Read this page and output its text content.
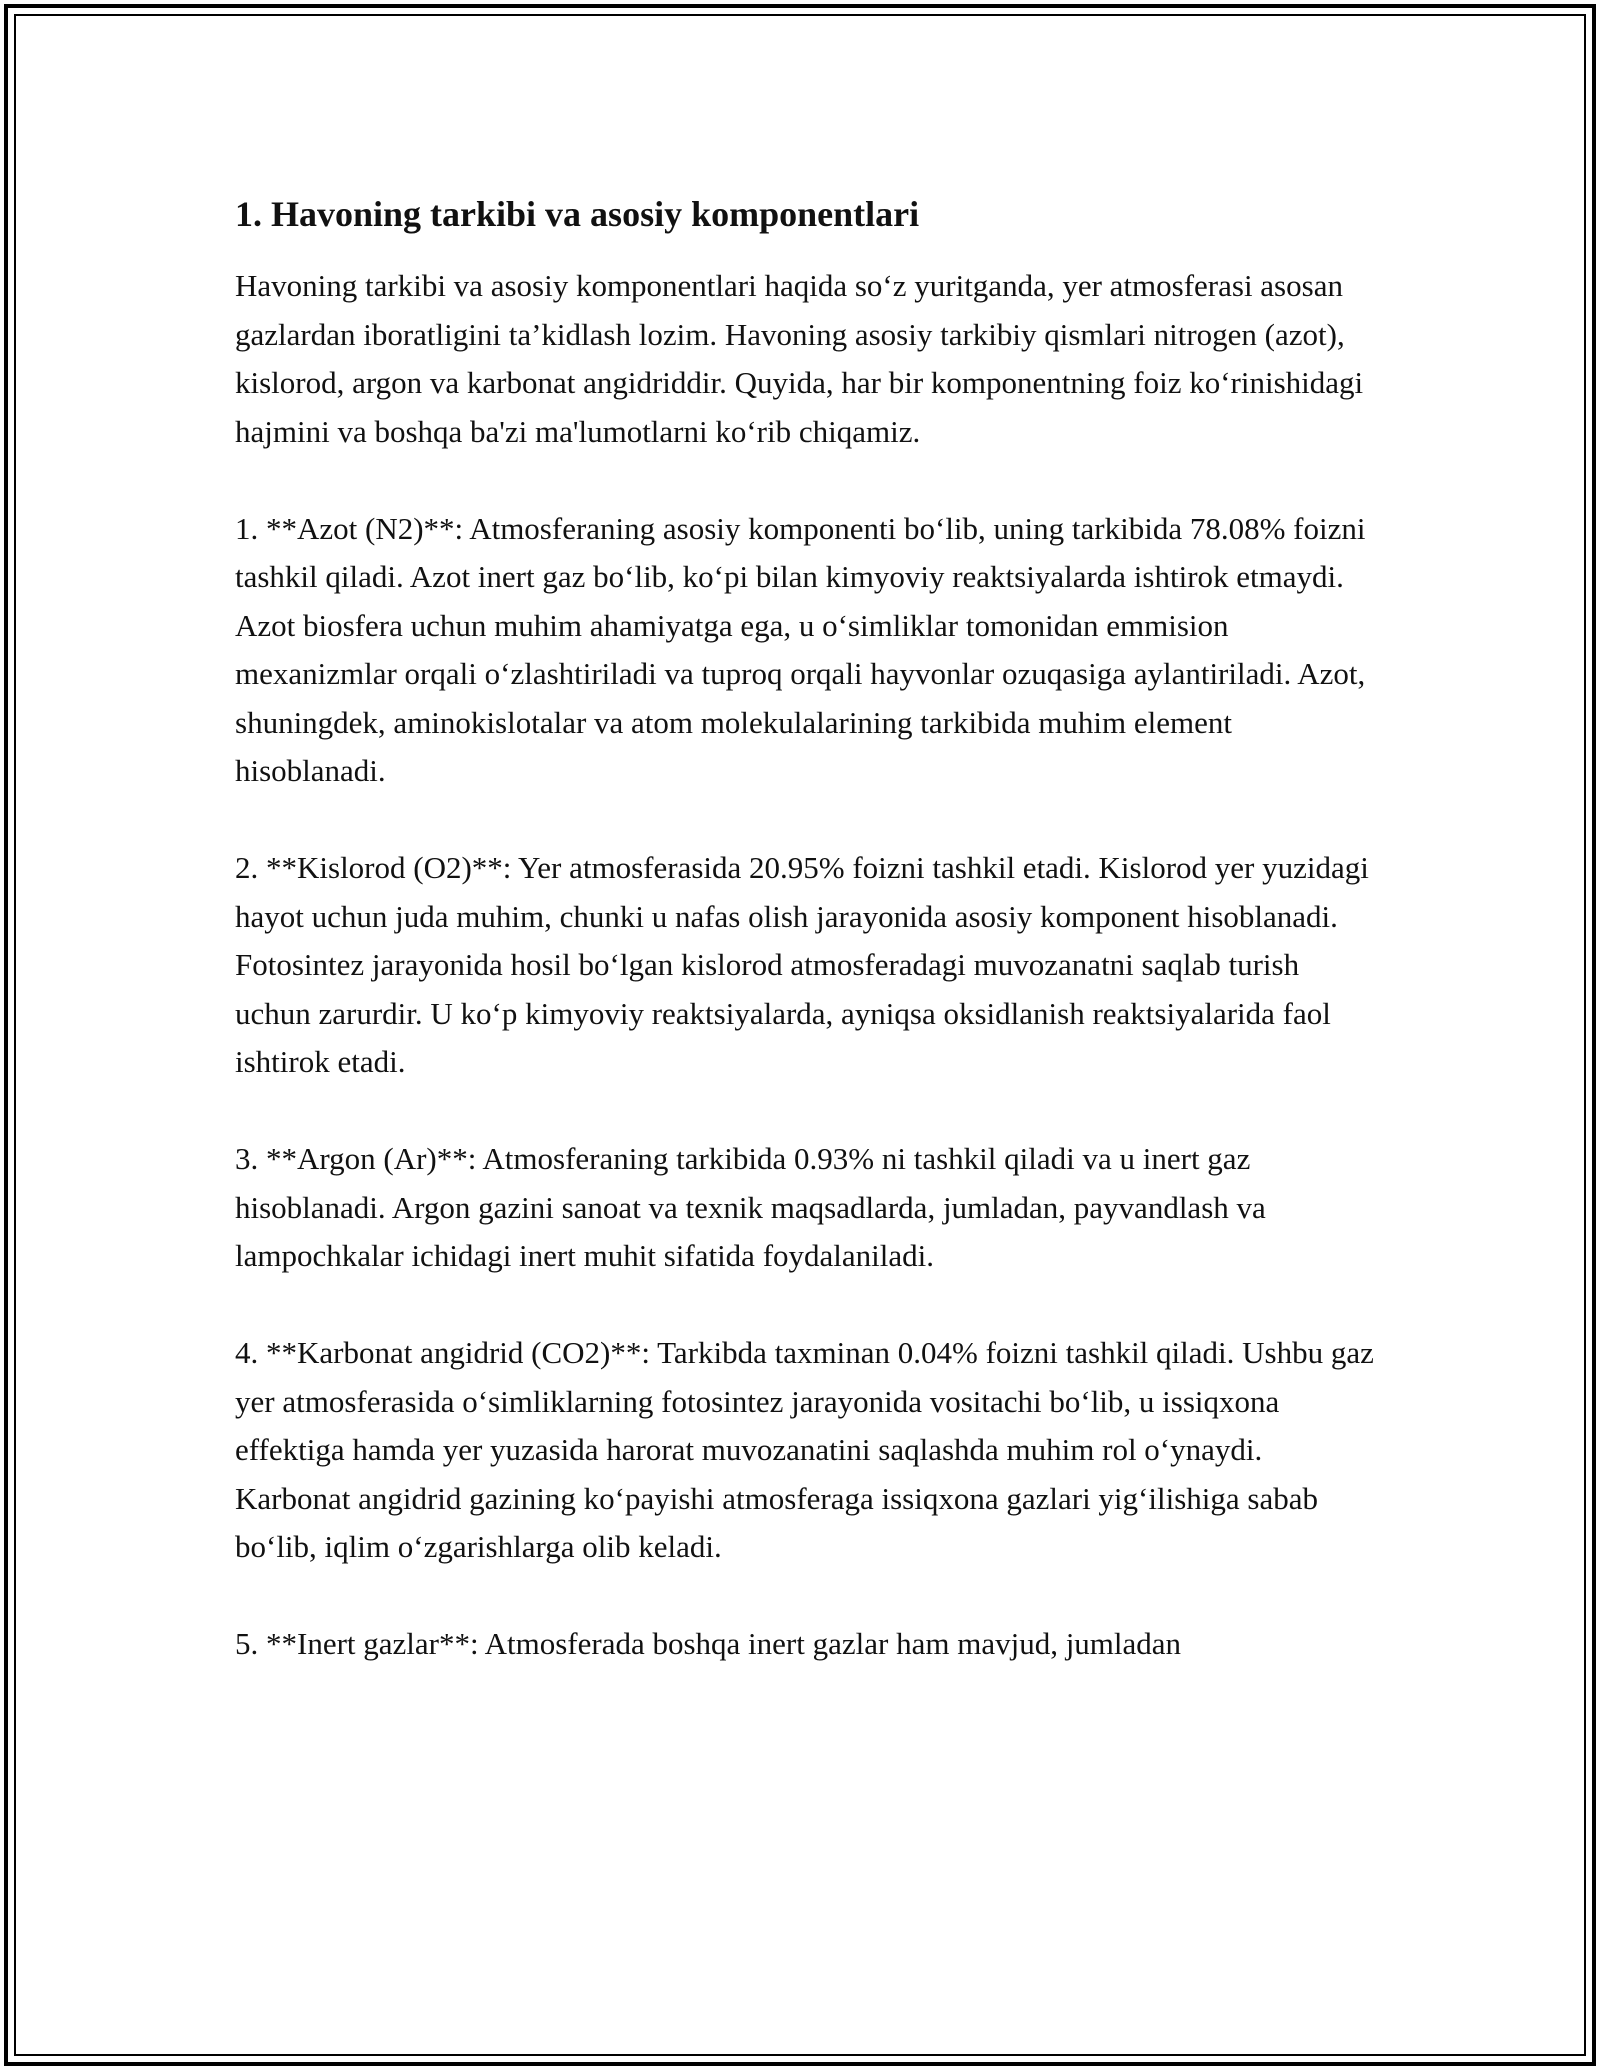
1. Havoning tarkibi va asosiy komponentlari

Havoning tarkibi va asosiy komponentlari haqida so‘z yuritganda, yer atmosferasi asosan gazlardan iboratligini ta’kidlash lozim. Havoning asosiy tarkibiy qismlari nitrogen (azot), kislorod, argon va karbonat angidriddir. Quyida, har bir komponentning foiz ko‘rinishidagi hajmini va boshqa ba'zi ma'lumotlarni ko‘rib chiqamiz.

1. **Azot (N2)**: Atmosferaning asosiy komponenti bo‘lib, uning tarkibida 78.08% foizni tashkil qiladi. Azot inert gaz bo‘lib, ko‘pi bilan kimyoviy reaktsiyalarda ishtirok etmaydi. Azot biosfera uchun muhim ahamiyatga ega, u o‘simliklar tomonidan emmision mexanizmlar orqali o‘zlashtiriladi va tuproq orqali hayvonlar ozuqasiga aylantiriladi. Azot, shuningdek, aminokislotalar va atom molekulalarining tarkibida muhim element hisoblanadi.

2. **Kislorod (O2)**: Yer atmosferasida 20.95% foizni tashkil etadi. Kislorod yer yuzidagi hayot uchun juda muhim, chunki u nafas olish jarayonida asosiy komponent hisoblanadi. Fotosintez jarayonida hosil bo‘lgan kislorod atmosferadagi muvozanatni saqlab turish uchun zarurdir. U ko‘p kimyoviy reaktsiyalarda, ayniqsa oksidlanish reaktsiyalarida faol ishtirok etadi.

3. **Argon (Ar)**: Atmosferaning tarkibida 0.93% ni tashkil qiladi va u inert gaz hisoblanadi. Argon gazini sanoat va texnik maqsadlarda, jumladan, payvandlash va lampochkalar ichidagi inert muhit sifatida foydalaniladi.

4. **Karbonat angidrid (CO2)**: Tarkibda taxminan 0.04% foizni tashkil qiladi. Ushbu gaz yer atmosferasida o‘simliklarning fotosintez jarayonida vositachi bo‘lib, u issiqxona effektiga hamda yer yuzasida harorat muvozanatini saqlashda muhim rol o‘ynaydi. Karbonat angidrid gazining ko‘payishi atmosferaga issiqxona gazlari yig‘ilishiga sabab bo‘lib, iqlim o‘zgarishlarga olib keladi.

5. **Inert gazlar**: Atmosferada boshqa inert gazlar ham mavjud, jumladan
